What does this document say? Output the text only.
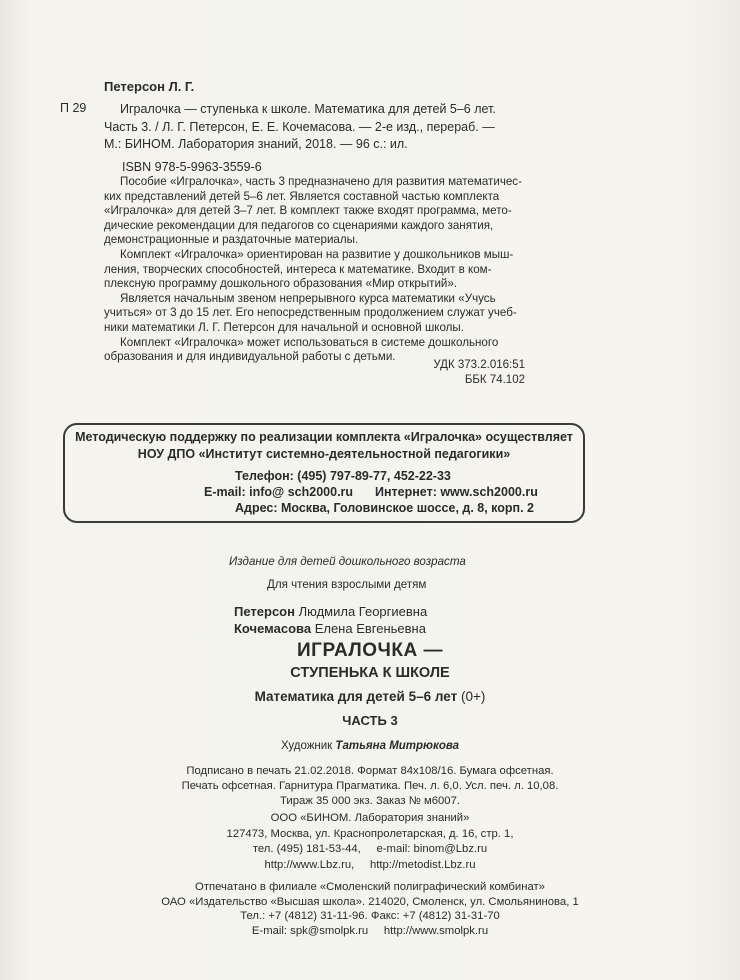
Петерсон Л. Г.
П 29	Игралочка — ступенька к школе. Математика для детей 5–6 лет.
Часть 3. / Л. Г. Петерсон, Е. Е. Кочемасова. — 2-е изд., перераб. —
М.: БИНОМ. Лаборатория знаний, 2018. — 96 с.: ил.
ISBN 978-5-9963-3559-6
Пособие «Игралочка», часть 3 предназначено для развития математичес-
ких представлений детей 5–6 лет. Является составной частью комплекта
«Игралочка» для детей 3–7 лет. В комплект также входят программа, мето-
дические рекомендации для педагогов со сценариями каждого занятия,
демонстрационные и раздаточные материалы.
Комплект «Игралочка» ориентирован на развитие у дошкольников мыш-
ления, творческих способностей, интереса к математике. Входит в ком-
плексную программу дошкольного образования «Мир открытий».
Является начальным звеном непрерывного курса математики «Учусь
учиться» от 3 до 15 лет. Его непосредственным продолжением служат учеб-
ники математики Л. Г. Петерсон для начальной и основной школы.
Комплект «Игралочка» может использоваться в системе дошкольного
образования и для индивидуальной работы с детьми.
УДК 373.2.016:51
ББК 74.102
Методическую поддержку по реализации комплекта «Игралочка» осуществляет
НОУ ДПО «Институт системно-деятельностной педагогики»
Телефон: (495) 797-89-77, 452-22-33
E-mail: info@ sch2000.ru Интернет: www.sch2000.ru
Адрес: Москва, Головинское шоссе, д. 8, корп. 2
Издание для детей дошкольного возраста
Для чтения взрослыми детям
Петерсон Людмила Георгиевна
Кочемасова Елена Евгеньевна
ИГРАЛОЧКА —
СТУПЕНЬКА К ШКОЛЕ
Математика для детей 5–6 лет (0+)
ЧАСТЬ 3
Художник Татьяна Митрюкова
Подписано в печать 21.02.2018. Формат 84x108/16. Бумага офсетная.
Печать офсетная. Гарнитура Прагматика. Печ. л. 6,0. Усл. печ. л. 10,08.
Тираж 35 000 экз. Заказ № м6007.
ООО «БИНОМ. Лаборатория знаний»
127473, Москва, ул. Краснопролетарская, д. 16, стр. 1,
тел. (495) 181-53-44, e-mail: binom@Lbz.ru
http://www.Lbz.ru, http://metodist.Lbz.ru
Отпечатано в филиале «Смоленский полиграфический комбинат»
ОАО «Издательство «Высшая школа». 214020, Смоленск, ул. Смольянинова, 1
Тел.: +7 (4812) 31-11-96. Факс: +7 (4812) 31-31-70
E-mail: spk@smolpk.ru     http://www.smolpk.ru
